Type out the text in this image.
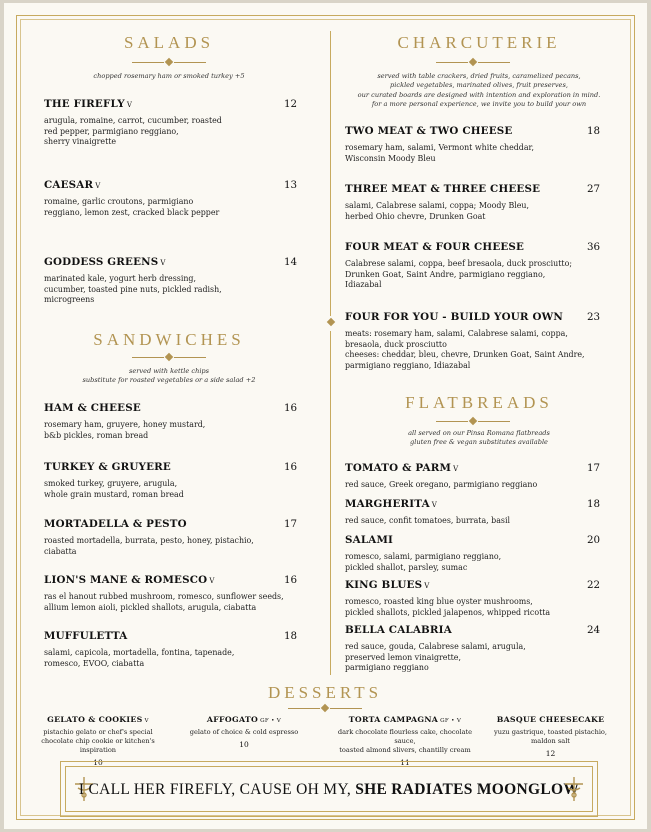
SALADS
chopped rosemary ham or smoked turkey +5
SANDWICHES
served with kettle chips
substitute for roasted vegetables or a side salad +2
CHARCUTERIE
served with table crackers, dried fruits, caramelized pecans,
pickled vegetables, marinated olives, fruit preserves,
our curated boards are designed with intention and exploration in mind.
for a more personal experience, we invite you to build your own
FLATBREADS
all served on our Pinsa Romana flatbreads
gluten free & vegan substitutes available
DESSERTS
THE FIREFLY V
arugula, romaine, carrot, cucumber, roasted
red pepper, parmigiano reggiano,
sherry vinaigrette
12
CAESAR V
romaine, garlic croutons, parmigiano
reggiano, lemon zest, cracked black pepper
13
GODDESS GREENS V
marinated kale, yogurt herb dressing,
cucumber, toasted pine nuts, pickled radish,
microgreens
14
HAM & CHEESE
rosemary ham, gruyere, honey mustard,
b&b pickles, roman bread
16
TURKEY & GRUYERE
smoked turkey, gruyere, arugula,
whole grain mustard, roman bread
16
MORTADELLA & PESTO
roasted mortadella, burrata, pesto, honey, pistachio,
ciabatta
17
LION'S MANE & ROMESCO V
ras el hanout rubbed mushroom, romesco, sunflower seeds,
allium lemon aioli, pickled shallots, arugula, ciabatta
16
MUFFULETTA
salami, capicola, mortadella, fontina, tapenade,
romesco, EVOO, ciabatta
18
TWO MEAT & TWO CHEESE
rosemary ham, salami, Vermont white cheddar,
Wisconsin Moody Bleu
18
THREE MEAT & THREE CHEESE
salami, Calabrese salami, coppa; Moody Bleu,
herbed Ohio chevre, Drunken Goat
27
FOUR MEAT & FOUR CHEESE
Calabrese salami, coppa, beef bresaola, duck prosciutto;
Drunken Goat, Saint Andre, parmigiano reggiano,
Idiazabal
36
FOUR FOR YOU - BUILD YOUR OWN
meats: rosemary ham, salami, Calabrese salami, coppa,
bresaola, duck prosciutto
cheeses: cheddar, bleu, chevre, Drunken Goat, Saint Andre,
parmigiano reggiano, Idiazabal
23
TOMATO & PARM V
red sauce, Greek oregano, parmigiano reggiano
17
MARGHERITA V
red sauce, confit tomatoes, burrata, basil
18
SALAMI
romesco, salami, parmigiano reggiano,
pickled shallot, parsley, sumac
20
KING BLUES V
romesco, roasted king blue oyster mushrooms,
pickled shallots, pickled jalapenos, whipped ricotta
22
BELLA CALABRIA
red sauce, gouda, Calabrese salami, arugula,
preserved lemon vinaigrette,
parmigiano reggiano
24
GELATO & COOKIES V
pistachio gelato or chef's special
chocolate chip cookie or kitchen's inspiration
10
AFFOGATO GF • V
gelato of choice & cold espresso
10
TORTA CAMPAGNA GF • V
dark chocolate flourless cake, chocolate sauce,
toasted almond slivers, chantilly cream
11
BASQUE CHEESECAKE
yuzu gastrique, toasted pistachio,
maldon salt
12
I CALL HER FIREFLY, CAUSE OH MY, SHE RADIATES MOONGLOW
